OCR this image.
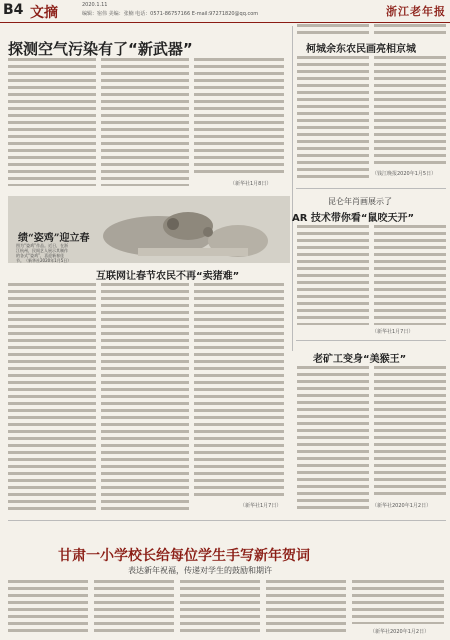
B4 文摘	2020.1.11
编辑：宿伟 美编：张楠 电话：0571-86757166 E-mail:97271820@qq.com	浙江老年报
探测空气污染有了“新武器”
（新华社1月8日）
柯城余东农民画亮相京城
（钱江晚报2020年1月5日）
绩“姿鸡”迎立春
图为“姿鸡”作品。近日，在浙江杭州，民间艺人展示其制作的各式“姿鸡”，喜迎新春佳节。（新华社2020年1月5日）
昆仑年肖画展示了
AR 技术带你看“鼠咬天开”
（新华社1月7日）
互联网让春节农民不再“卖猪难”
（新华社1月7日）
老矿工变身“美猴王”
（新华社2020年1月2日）
甘肃一小学校长给每位学生手写新年贺词
表达新年祝福，传递对学生的鼓励和期许
（新华社2020年1月2日）
